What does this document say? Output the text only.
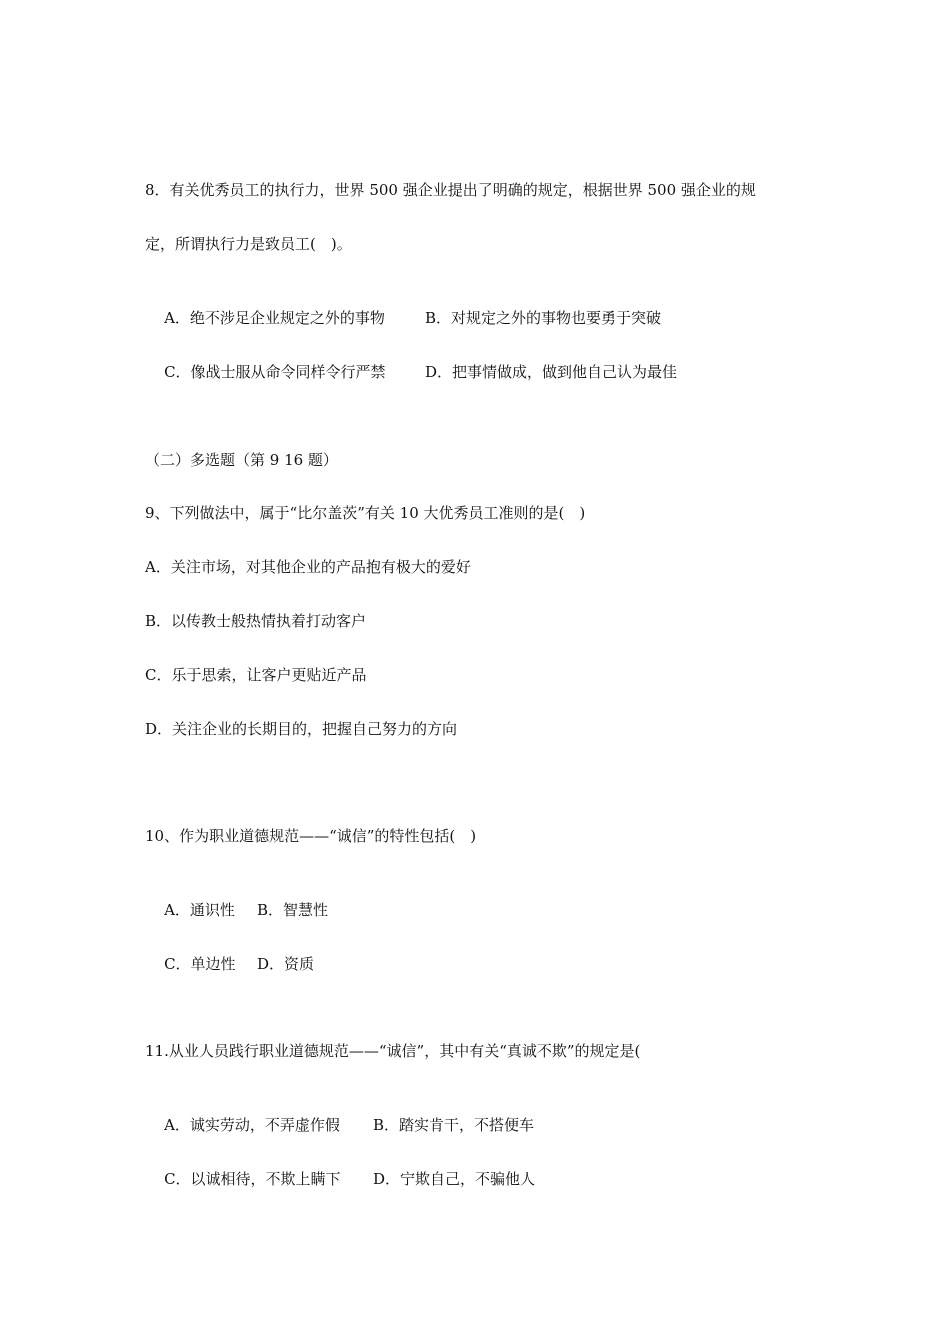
8．有关优秀员工的执行力，世界 500 强企业提出了明确的规定，根据世界 500 强企业的规
定，所谓执行力是致员工(　)。

A．绝不涉足企业规定之外的事物	B．对规定之外的事物也要勇于突破

C．像战士服从命令同样令行严禁	D．把事情做成，做到他自己认为最佳

（二）多选题（第 9 16 题）
9、下列做法中，属于“比尔盖茨”有关 10 大优秀员工准则的是(　)
A．关注市场，对其他企业的产品抱有极大的爱好
B．以传教士般热情执着打动客户
C．乐于思索，让客户更贴近产品
D．关注企业的长期目的，把握自己努力的方向
10、作为职业道德规范——“诚信”的特性包括(　)

A．通识性 B．智慧性

C．单边性 D．资质

11.从业人员践行职业道德规范——“诚信”，其中有关“真诚不欺”的规定是(

A．诚实劳动，不弄虚作假 B．踏实肯干，不搭便车

C．以诚相待，不欺上瞒下 D．宁欺自己，不骗他人
